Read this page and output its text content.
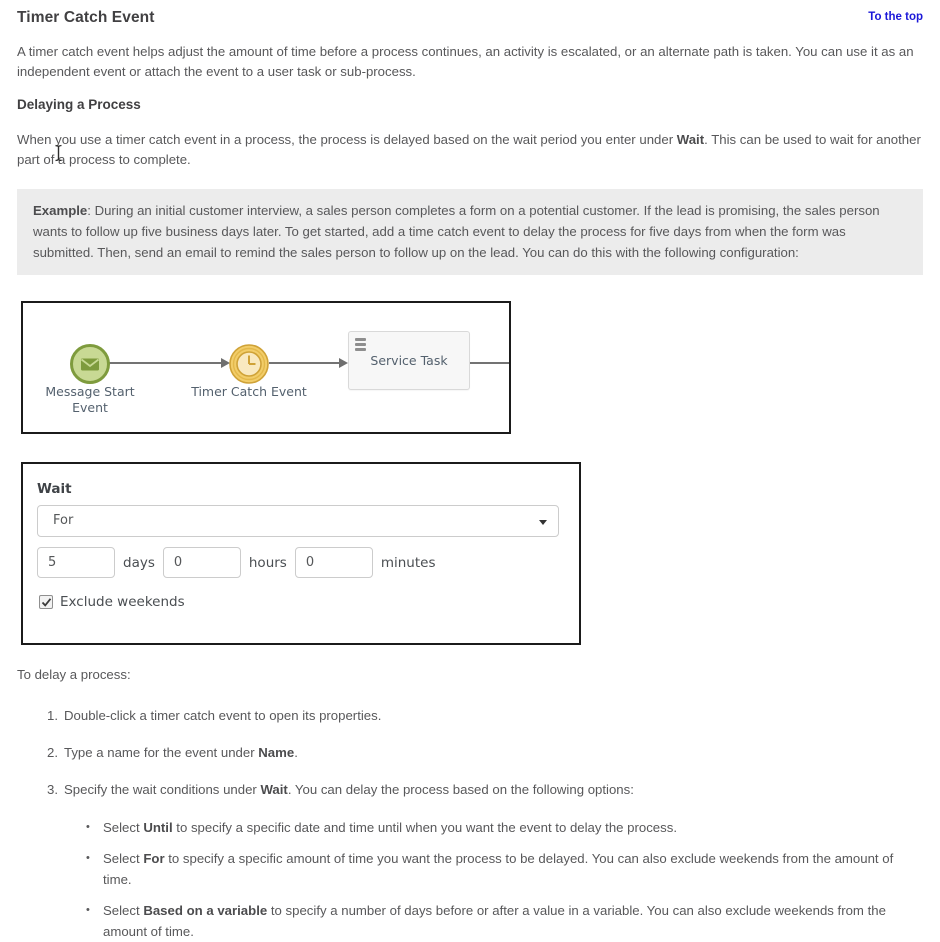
Timer Catch Event	To the top

A timer catch event helps adjust the amount of time before a process continues, an activity is escalated, or an alternate path is taken. You can use it as an independent event or attach the event to a user task or sub-process.

Delaying a Process

When you use a timer catch event in a process, the process is delayed based on the wait period you enter under Wait. This can be used to wait for another part of a process to complete.

Example: During an initial customer interview, a sales person completes a form on a potential customer. If the lead is promising, the sales person wants to follow up five business days later. To get started, add a time catch event to delay the process for five days from when the form was submitted. Then, send an email to remind the sales person to follow up on the lead. You can do this with the following configuration:
Message Start
Event
Timer Catch Event
Service Task
Wait
For
5
days
0	hours
0	minutes
Exclude weekends

To delay a process:

1. Double-click a timer catch event to open its properties.
2. Type a name for the event under Name.
3. Specify the wait conditions under Wait. You can delay the process based on the following options:
• Select Until to specify a specific date and time until when you want the event to delay the process.
• Select For to specify a specific amount of time you want the process to be delayed. You can also exclude weekends from the amount of time.
• Select Based on a variable to specify a number of days before or after a value in a variable. You can also exclude weekends from the amount of time.
